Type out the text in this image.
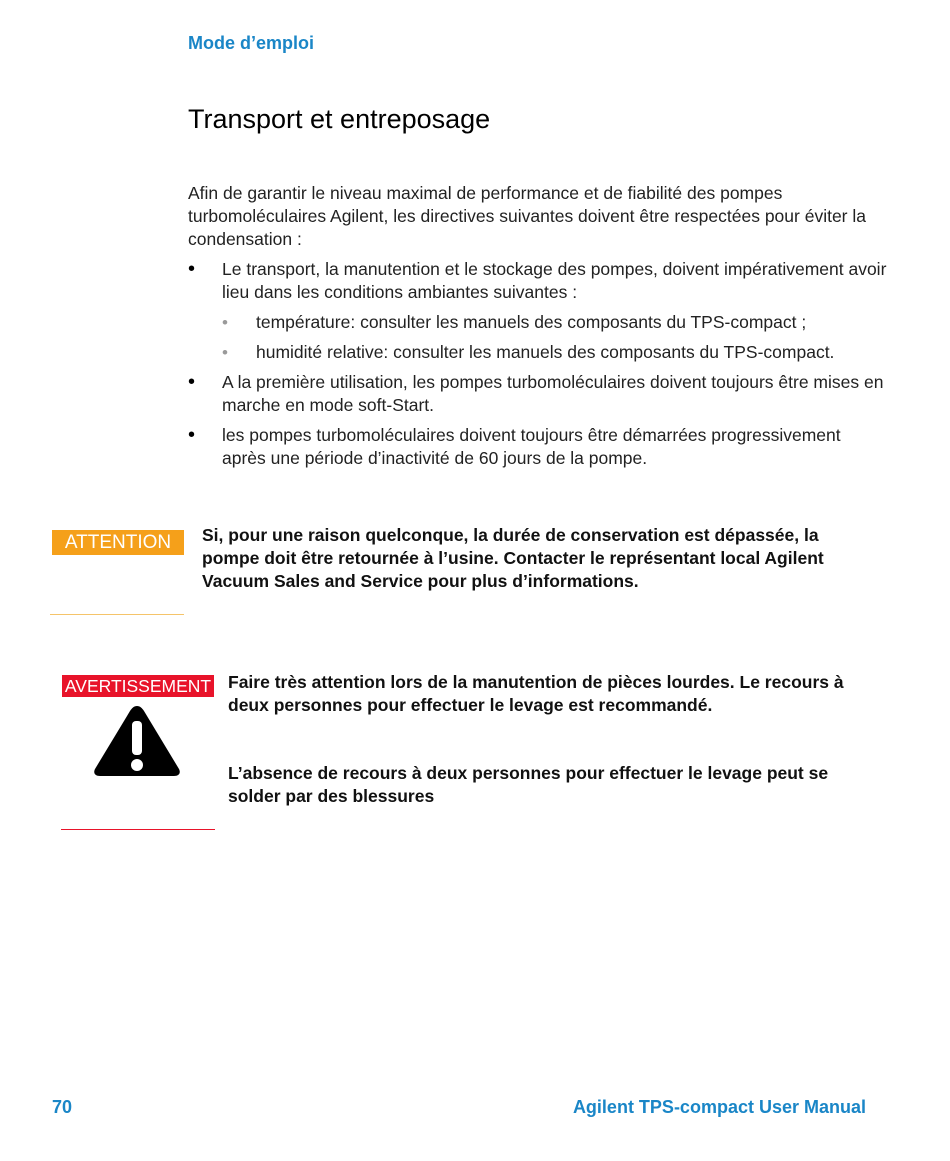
Mode d’emploi
Transport et entreposage

Afin de garantir le niveau maximal de performance et de fiabilité des pompes turbomoléculaires Agilent, les directives suivantes doivent être respectées pour éviter la condensation :

• Le transport, la manutention et le stockage des pompes, doivent impérativement avoir lieu dans les conditions ambiantes suivantes :
• température: consulter les manuels des composants du TPS-compact ;
• humidité relative: consulter les manuels des composants du TPS-compact.
• A la première utilisation, les pompes turbomoléculaires doivent toujours être mises en marche en mode soft-Start.
• les pompes turbomoléculaires doivent toujours être démarrées progressivement après une période d’inactivité de 60 jours de la pompe.
ATTENTION	Si, pour une raison quelconque, la durée de conservation est dépassée, la pompe doit être retournée à l’usine. Contacter le représentant local Agilent Vacuum Sales and Service pour plus d’informations.

AVERTISSEMENT Faire très attention lors de la manutention de pièces lourdes. Le recours à deux personnes pour effectuer le levage est recommandé.

L’absence de recours à deux personnes pour effectuer le levage peut se solder par des blessures

70	Agilent TPS-compact User Manual
